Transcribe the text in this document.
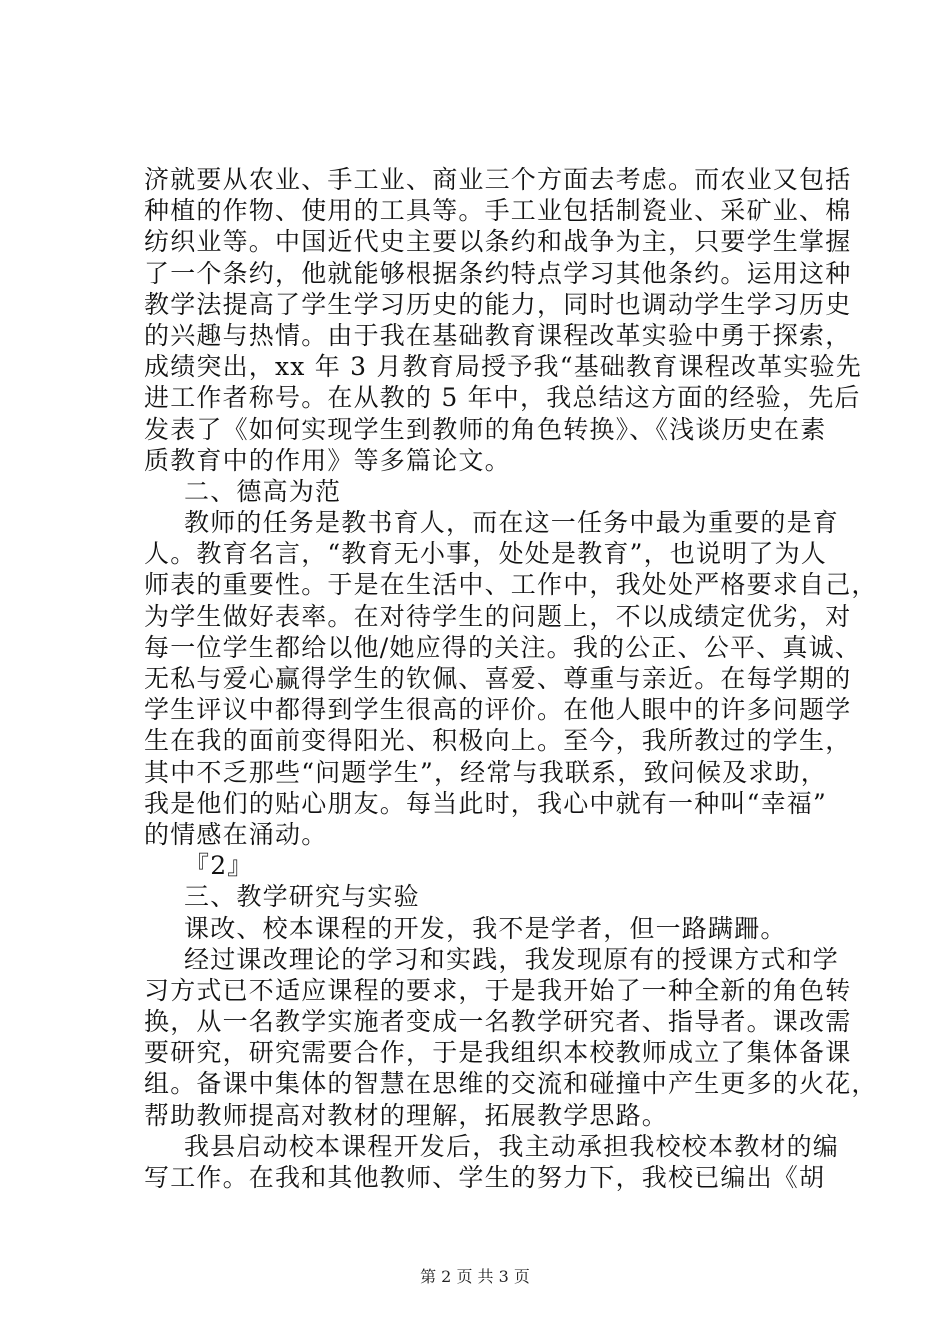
济就要从农业、手工业、商业三个方面去考虑。而农业又包括
种植的作物、使用的工具等。手工业包括制瓷业、采矿业、棉
纺织业等。中国近代史主要以条约和战争为主，只要学生掌握
了一个条约，他就能够根据条约特点学习其他条约。运用这种
教学法提高了学生学习历史的能力，同时也调动学生学习历史
的兴趣与热情。由于我在基础教育课程改革实验中勇于探索，
成绩突出，xx 年 3 月教育局授予我“基础教育课程改革实验先
进工作者称号。在从教的 5 年中，我总结这方面的经验，先后
发表了《如何实现学生到教师的角色转换》、《浅谈历史在素
质教育中的作用》等多篇论文。
二、德高为范
教师的任务是教书育人，而在这一任务中最为重要的是育
人。教育名言，“教育无小事，处处是教育”，也说明了为人
师表的重要性。于是在生活中、工作中，我处处严格要求自己，
为学生做好表率。在对待学生的问题上，不以成绩定优劣，对
每一位学生都给以他/她应得的关注。我的公正、公平、真诚、
无私与爱心赢得学生的钦佩、喜爱、尊重与亲近。在每学期的
学生评议中都得到学生很高的评价。在他人眼中的许多问题学
生在我的面前变得阳光、积极向上。至今，我所教过的学生，
其中不乏那些“问题学生”，经常与我联系，致问候及求助，
我是他们的贴心朋友。每当此时，我心中就有一种叫“幸福”
的情感在涌动。
『2』
三、教学研究与实验
课改、校本课程的开发，我不是学者，但一路蹒跚。
经过课改理论的学习和实践，我发现原有的授课方式和学
习方式已不适应课程的要求，于是我开始了一种全新的角色转
换，从一名教学实施者变成一名教学研究者、指导者。课改需
要研究，研究需要合作，于是我组织本校教师成立了集体备课
组。备课中集体的智慧在思维的交流和碰撞中产生更多的火花，
帮助教师提高对教材的理解，拓展教学思路。
我县启动校本课程开发后，我主动承担我校校本教材的编
写工作。在我和其他教师、学生的努力下，我校已编出《胡
第 2 页 共 3 页
